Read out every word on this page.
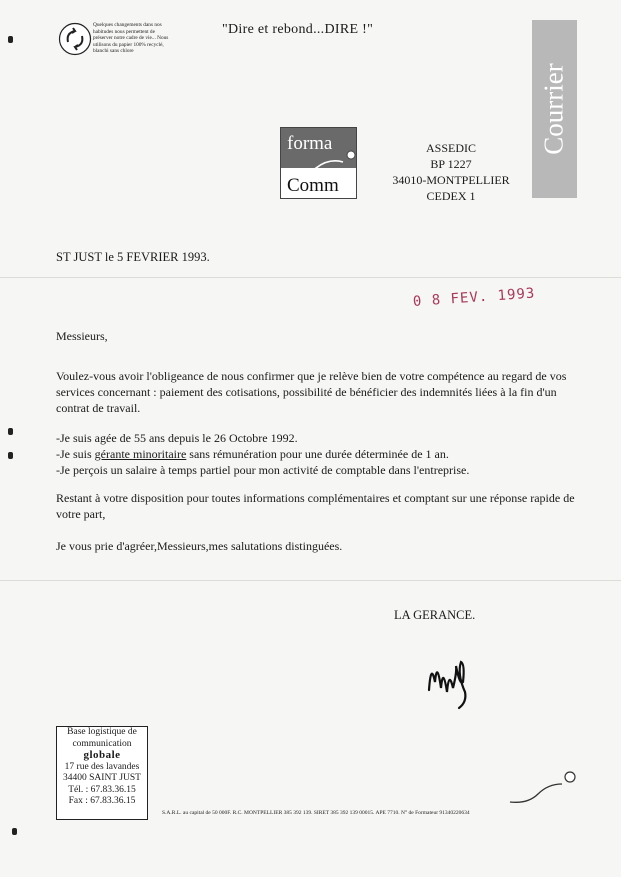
Quelques changements dans nos habitudes nous permettent de préserver notre cadre de vie... Nous utilisons du papier 100% recyclé, blanchi sans chlore
"Dire et rebond...DIRE !"
forma
Comm
ASSEDIC
BP 1227
34010-MONTPELLIER CEDEX 1
Courrier
ST JUST le 5 FEVRIER 1993.
0 8 FEV. 1993
Messieurs,
Voulez-vous avoir l'obligeance de nous confirmer que je relève bien de votre compétence au regard de vos services concernant : paiement des cotisations, possibilité de bénéficier des indemnités liées à la fin d'un contrat de travail.
-Je suis agée de 55 ans depuis le 26 Octobre 1992.
-Je suis gérante minoritaire sans rémunération pour une durée déterminée de 1 an.
-Je perçois un salaire à temps partiel pour mon activité de comptable dans l'entreprise.
Restant à votre disposition pour toutes informations complémentaires et comptant sur une réponse rapide de votre part,
Je vous prie d'agréer,Messieurs,mes salutations distinguées.
LA GERANCE.
Base logistique de
communication
globale
17 rue des lavandes
34400 SAINT JUST
Tél. : 67.83.36.15
Fax : 67.83.36.15
S.A.R.L. au capital de 50 000F. R.C. MONTPELLIER 385 392 139. SIRET 385 392 139 00015. APE 7710. N° de Formateur 91340220634
